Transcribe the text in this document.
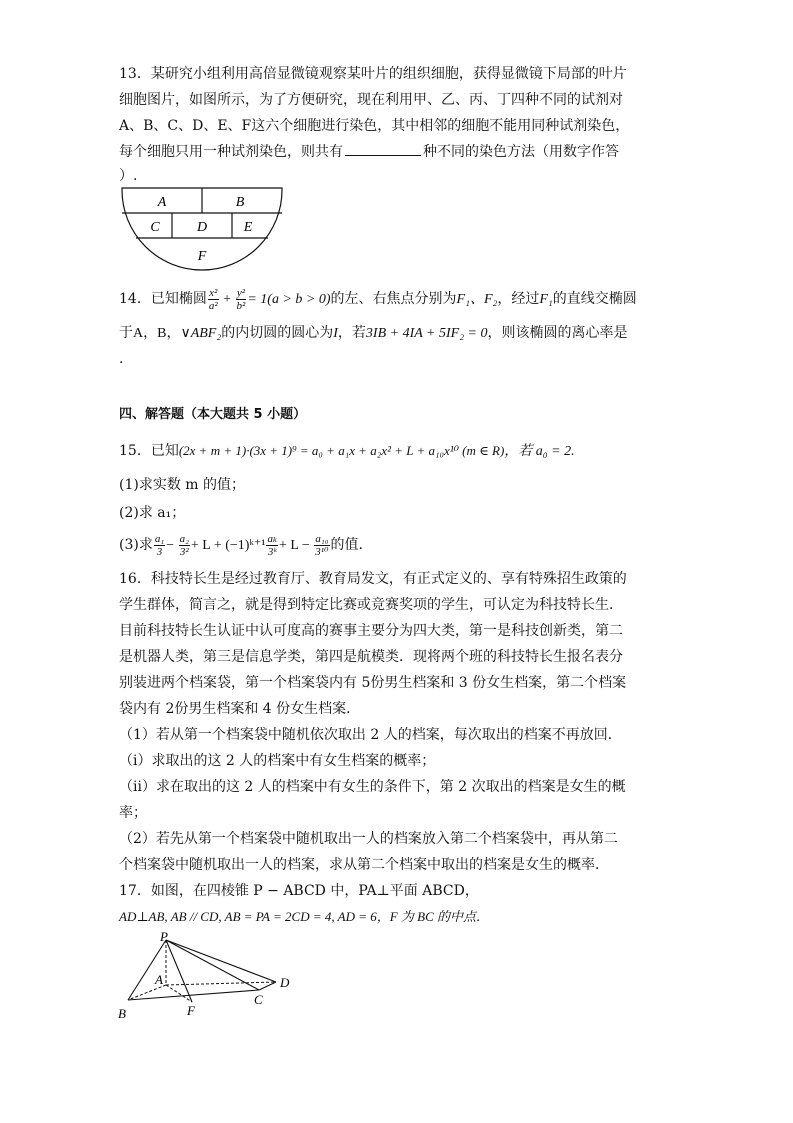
13．某研究小组利用高倍显微镜观察某叶片的组织细胞，获得显微镜下局部的叶片
细胞图片，如图所示，为了方便研究，现在利用甲、乙、丙、丁四种不同的试剂对
A、B、C、D、E、F这六个细胞进行染色，其中相邻的细胞不能用同种试剂染色，
每个细胞只用一种试剂染色，则共有	种不同的染色方法（用数字作答
）.
A	B
C	D	E
F
14．已知椭圆 $\frac{\text{x²}}{\text{a²}} + \frac{\text{y²}}{\text{b²}} = 1(a > b > 0)$的左、右焦点分别为F₁、F₂，经过F₁的直线交椭圆
于A，B，∨ABF₂的内切圆的圆心为I，若3IB + 4IA + 5IF₂ = 0，则该椭圆的离心率是
.
四、解答题（本大题共 5 小题）
15．已知(2x + m + 1)·(3x + 1)⁹ = a₀ + a₁x + a₂x² + L + a₁₀x¹⁰ (m ∈ R)，若 a₀ = 2.
(1)求实数 m 的值；
(2)求 a₁；
(3)求 $\frac{\text{a₁}}{3} - \frac{\text{a₂}}{\text{3²}} + L$ + (−1)ᵏ⁺¹ $\frac{\text{aₖ}}{\text{3ᵏ}} + L - \frac{\text{a₁₀}}{\text{3¹⁰}}$ 的值.
16．科技特长生是经过教育厅、教育局发文，有正式定义的、享有特殊招生政策的
学生群体，简言之，就是得到特定比赛或竞赛奖项的学生，可认定为科技特长生．
目前科技特长生认证中认可度高的赛事主要分为四大类，第一是科技创新类，第二
是机器人类，第三是信息学类，第四是航模类．现将两个班的科技特长生报名表分
别装进两个档案袋，第一个档案袋内有 5份男生档案和 3 份女生档案，第二个档案
袋内有 2份男生档案和 4 份女生档案．
（1）若从第一个档案袋中随机依次取出 2 人的档案，每次取出的档案不再放回．
（ⅰ）求取出的这 2 人的档案中有女生档案的概率；
（ⅱ）求在取出的这 2 人的档案中有女生的条件下，第 2 次取出的档案是女生的概
率；
（2）若先从第一个档案袋中随机取出一人的档案放入第二个档案袋中，再从第二
个档案袋中随机取出一人的档案，求从第二个档案中取出的档案是女生的概率．
17．如图，在四棱锥 P − ABCD 中，PA⊥平面 ABCD，
AD⊥AB, AB // CD, AB = PA = 2CD = 4, AD = 6，F 为 BC 的中点．
P
A
B	F
C
D
